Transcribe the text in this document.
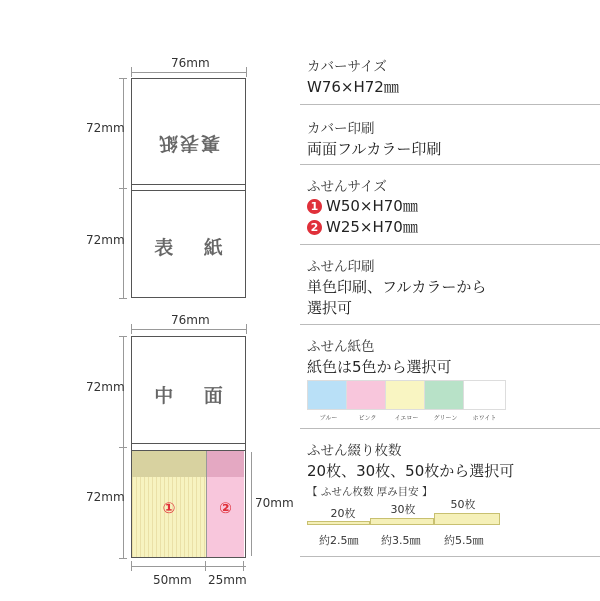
76mm
72mm
72mm
裏表紙
表 紙
76mm
72mm
72mm
中 面
①	②	70mm
50mm 25mm
カバーサイズ
W76×H72㎜
カバー印刷
両面フルカラー印刷
ふせんサイズ
1 W50×H70㎜
2 W25×H70㎜
ふせん印刷
単色印刷、フルカラーから
選択可
ふせん紙色
紙色は5色から選択可
ブルー	ピンク	イエロー	グリーン	ホワイト
ふせん綴り枚数
20枚、30枚、50枚から選択可
【 ふせん枚数 厚み目安 】
20枚	30枚	50枚
約2.5㎜ 約3.5㎜ 約5.5㎜
